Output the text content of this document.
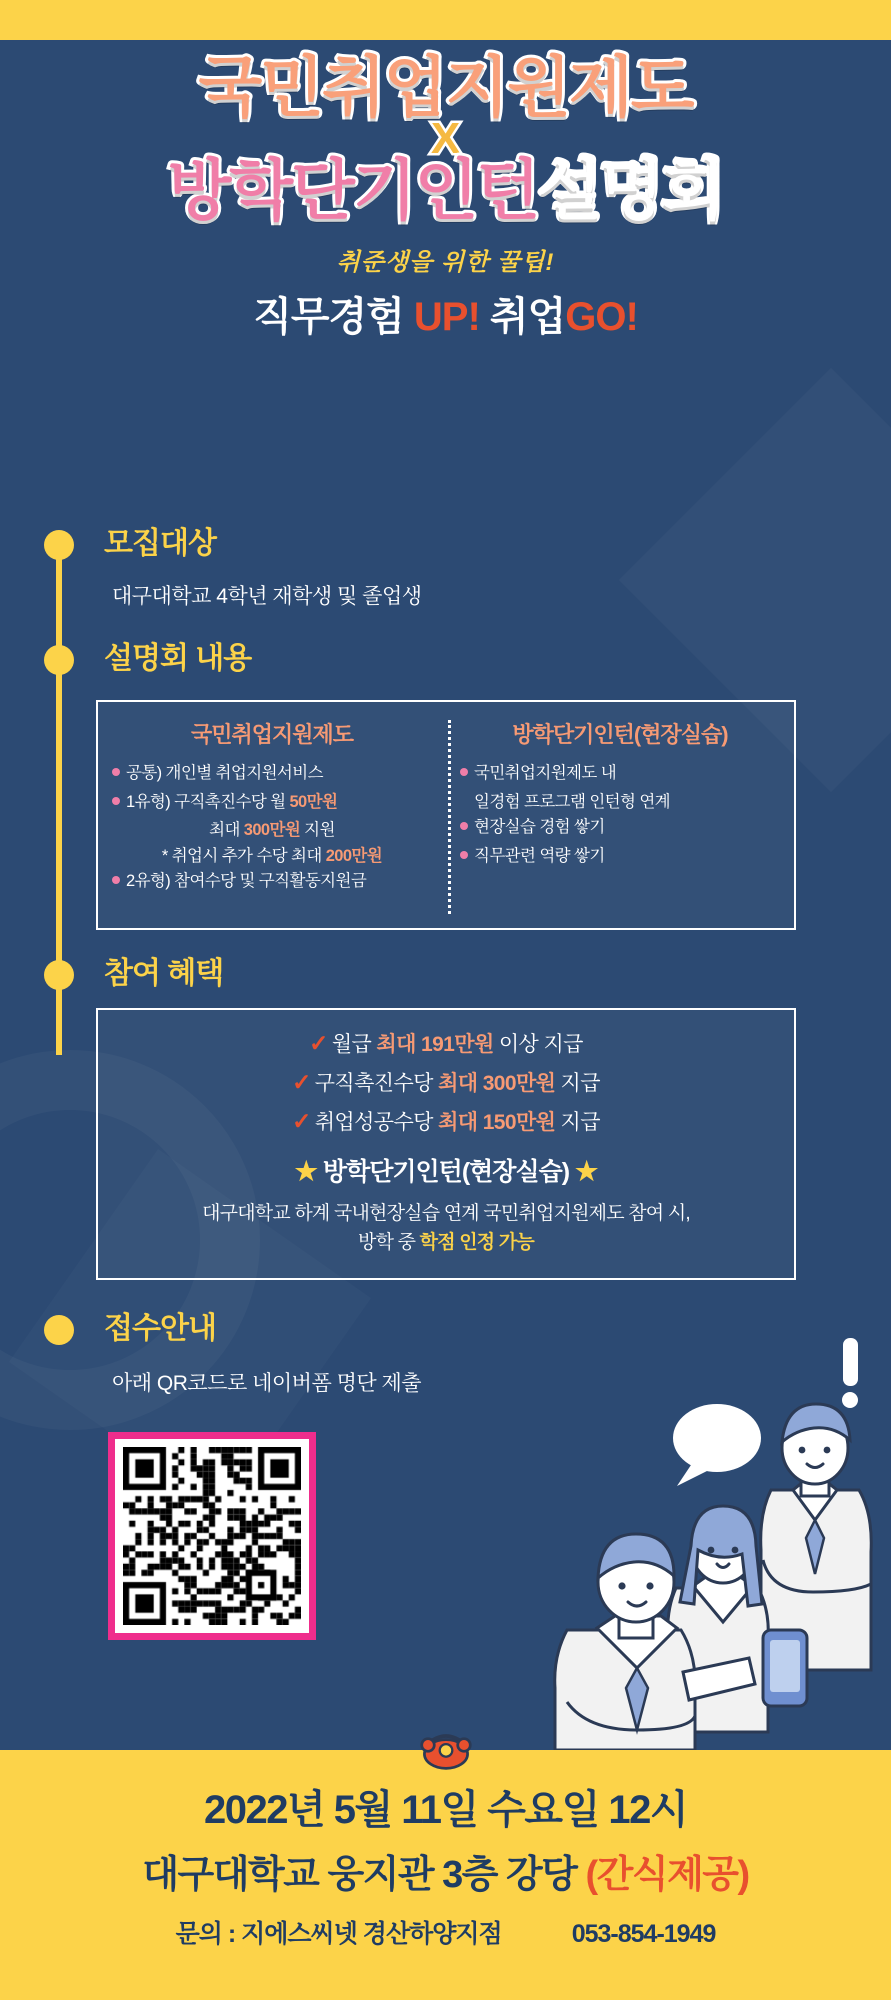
국민취업지원제도
X
방학단기인턴설명회
취준생을 위한 꿀팁!
직무경험 UP! 취업GO!
모집대상
대구대학교 4학년 재학생 및 졸업생
설명회 내용
국민취업지원제도
공통) 개인별 취업지원서비스
1유형) 구직촉진수당 월 50만원
최대 300만원 지원
* 취업시 추가 수당 최대 200만원
2유형) 참여수당 및 구직활동지원금
방학단기인턴(현장실습)
국민취업지원제도 내
일경험 프로그램 인턴형 연계
현장실습 경험 쌓기
직무관련 역량 쌓기
참여 혜택
✓ 월급 최대 191만원 이상 지급
✓ 구직촉진수당 최대 300만원 지급
✓ 취업성공수당 최대 150만원 지급
★ 방학단기인턴(현장실습) ★
대구대학교 하계 국내현장실습 연계 국민취업지원제도 참여 시,
방학 중 학점 인정 가능
접수안내
아래 QR코드로 네이버폼 명단 제출
2022년 5월 11일 수요일 12시
대구대학교 웅지관 3층 강당 (간식제공)
문의 : 지에스씨넷 경산하양지점	053-854-1949
